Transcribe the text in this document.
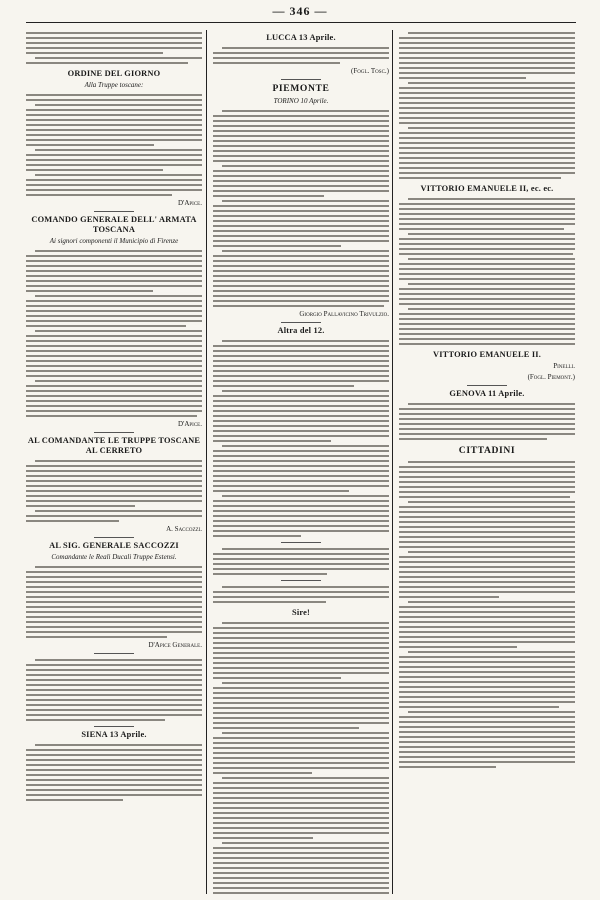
— 346 —
ORDINE DEL GIORNO
Alla Truppe toscane:
D'Apice.
COMANDO GENERALE DELL' ARMATA TOSCANA
Ai signori componenti il Municipio di Firenze
D'Apice.
AL COMANDANTE LE TRUPPE TOSCANE AL CERRETO
A. Saccozzi.
AL SIG. GENERALE SACCOZZI
Comandante le Reali Ducali Truppe Estensi.
D'Apice Generale.
SIENA 13 Aprile.
LUCCA 13 Aprile.
(Fogl. Tosc.)
PIEMONTE
TORINO 10 Aprile.
Giorgio Pallavicino Trivulzio.
Altra del 12.
Sire!
VITTORIO EMANUELE II, ec. ec.
VITTORIO EMANUELE II.
Pinelli.
(Fogl. Piemont.)
GENOVA 11 Aprile.
CITTADINI
